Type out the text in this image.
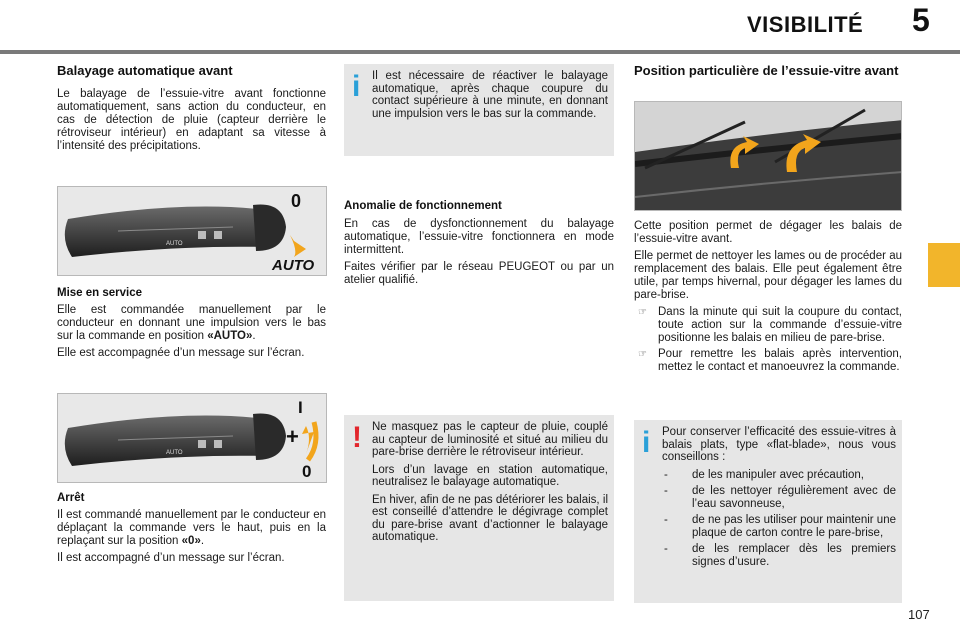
VISIBILITÉ 5
Balayage automatique avant

Le balayage de l’essuie-vitre avant fonctionne automatiquement, sans action du conducteur, en cas de détection de pluie (capteur derrière le rétroviseur intérieur) en adaptant sa vitesse à l’intensité des précipitations.

AUTO
0
AUTO
Mise en service

Elle est commandée manuellement par le conducteur en donnant une impulsion vers le bas sur la commande en position «AUTO».

Elle est accompagnée d’un message sur l’écran.

AUTO
I
+
0
Arrêt

Il est commandé manuellement par le conducteur en déplaçant la commande vers le haut, puis en la replaçant sur la position «0».

Il est accompagné d’un message sur l’écran.

i Il est nécessaire de réactiver le balayage automatique, après chaque coupure du contact supérieure à une minute, en donnant une impulsion vers le bas sur la commande.
Anomalie de fonctionnement

En cas de dysfonctionnement du balayage automatique, l’essuie-vitre fonctionnera en mode intermittent.

Faites vérifier par le réseau PEUGEOT ou par un atelier qualifié.

! Ne masquez pas le capteur de pluie, couplé au capteur de luminosité et situé au milieu du pare-brise derrière le rétroviseur intérieur.

Lors d’un lavage en station automatique, neutralisez le balayage automatique.

En hiver, afin de ne pas détériorer les balais, il est conseillé d’attendre le dégivrage complet du pare-brise avant d’actionner le balayage automatique.

Position particulière de l’essuie-vitre avant

Cette position permet de dégager les balais de l’essuie-vitre avant.

Elle permet de nettoyer les lames ou de procéder au remplacement des balais. Elle peut également être utile, par temps hivernal, pour dégager les lames du pare-brise.

☞ Dans la minute qui suit la coupure du contact, toute action sur la commande d’essuie-vitre positionne les balais en milieu de pare-brise.
☞ Pour remettre les balais après intervention, mettez le contact et manoeuvrez la commande.
i Pour conserver l’efficacité des essuie-vitres à balais plats, type «flat-blade», nous vous conseillons :

- de les manipuler avec précaution,
- de les nettoyer régulièrement avec de l’eau savonneuse,
- de ne pas les utiliser pour maintenir une plaque de carton contre le pare-brise,
- de les remplacer dès les premiers signes d’usure.
107
